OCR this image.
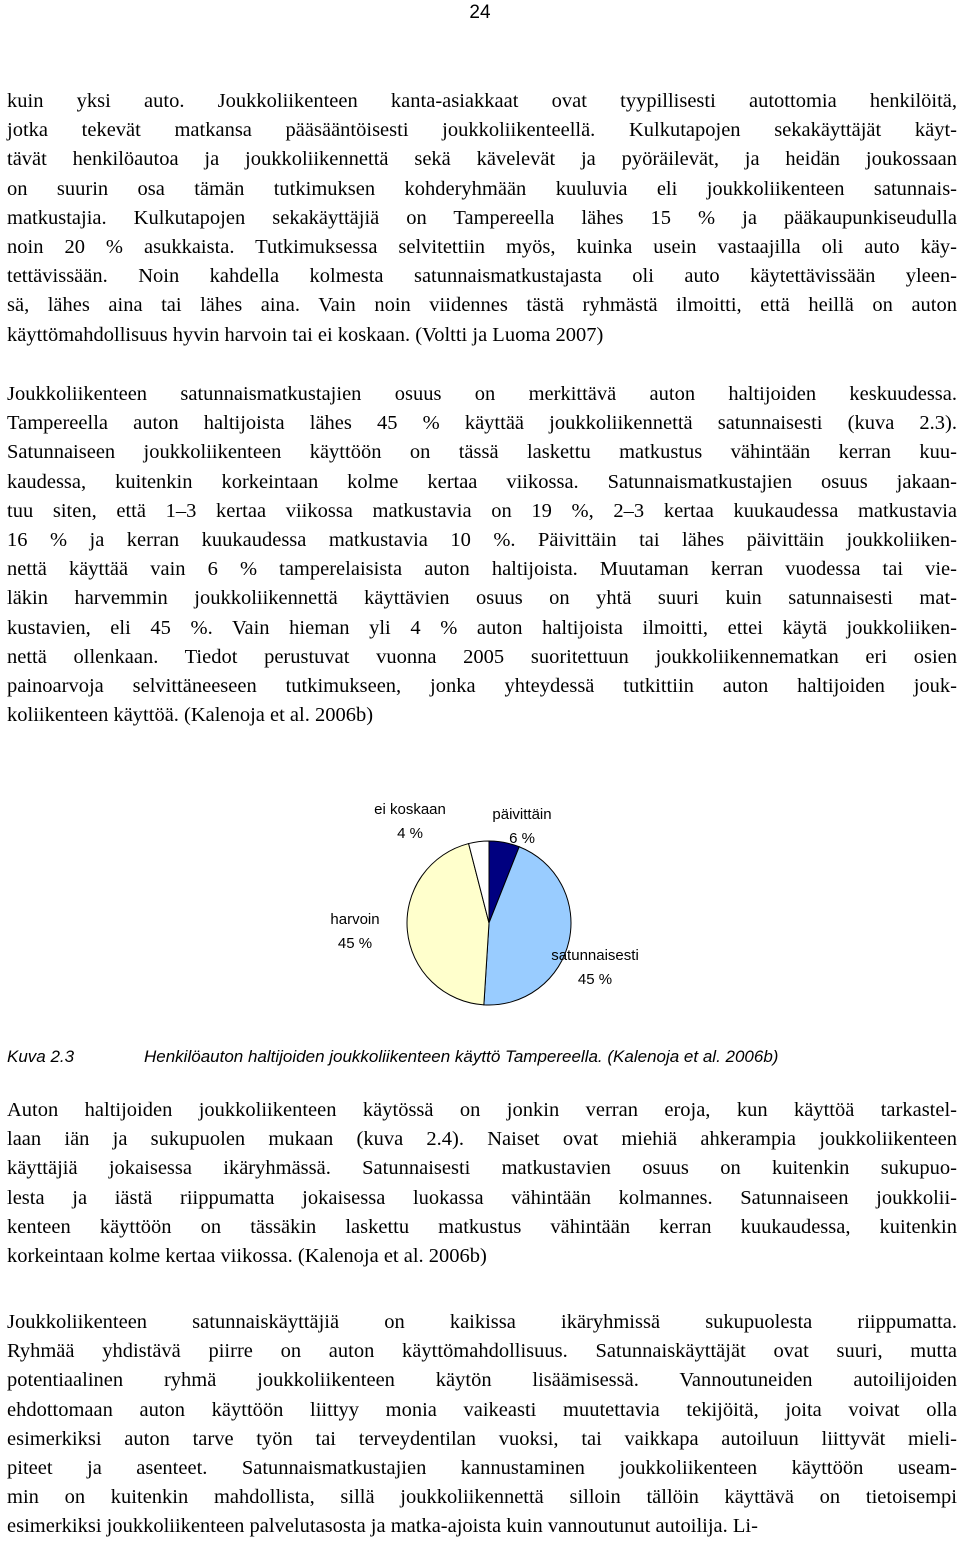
24
kuin yksi auto. Joukkoliikenteen kanta-asiakkaat ovat tyypillisesti autottomia henkilöitä,
jotka tekevät matkansa pääsääntöisesti joukkoliikenteellä. Kulkutapojen sekakäyttäjät käyt-
tävät henkilöautoa ja joukkoliikennettä sekä kävelevät ja pyöräilevät, ja heidän joukossaan
on suurin osa tämän tutkimuksen kohderyhmään kuuluvia eli joukkoliikenteen satunnais-
matkustajia. Kulkutapojen sekakäyttäjiä on Tampereella lähes 15 % ja pääkaupunkiseudulla
noin 20 % asukkaista. Tutkimuksessa selvitettiin myös, kuinka usein vastaajilla oli auto käy-
tettävissään. Noin kahdella kolmesta satunnaismatkustajasta oli auto käytettävissään yleen-
sä, lähes aina tai lähes aina. Vain noin viidennes tästä ryhmästä ilmoitti, että heillä on auton
käyttömahdollisuus hyvin harvoin tai ei koskaan. (Voltti ja Luoma 2007)
Joukkoliikenteen satunnaismatkustajien osuus on merkittävä auton haltijoiden keskuudessa.
Tampereella auton haltijoista lähes 45 % käyttää joukkoliikennettä satunnaisesti (kuva 2.3).
Satunnaiseen joukkoliikenteen käyttöön on tässä laskettu matkustus vähintään kerran kuu-
kaudessa, kuitenkin korkeintaan kolme kertaa viikossa. Satunnaismatkustajien osuus jakaan-
tuu siten, että 1–3 kertaa viikossa matkustavia on 19 %, 2–3 kertaa kuukaudessa matkustavia
16 % ja kerran kuukaudessa matkustavia 10 %. Päivittäin tai lähes päivittäin joukkoliiken-
nettä käyttää vain 6 % tamperelaisista auton haltijoista. Muutaman kerran vuodessa tai vie-
läkin harvemmin joukkoliikennettä käyttävien osuus on yhtä suuri kuin satunnaisesti mat-
kustavien, eli 45 %. Vain hieman yli 4 % auton haltijoista ilmoitti, ettei käytä joukkoliiken-
nettä ollenkaan. Tiedot perustuvat vuonna 2005 suoritettuun joukkoliikennematkan eri osien
painoarvoja selvittäneeseen tutkimukseen, jonka yhteydessä tutkittiin auton haltijoiden jouk-
koliikenteen käyttöä. (Kalenoja et al. 2006b)
ei koskaan
4 %
päivittäin
6 %
harvoin
45 %
satunnaisesti
45 %
Kuva 2.3	Henkilöauton haltijoiden joukkoliikenteen käyttö Tampereella. (Kalenoja et al. 2006b)
Auton haltijoiden joukkoliikenteen käytössä on jonkin verran eroja, kun käyttöä tarkastel-
laan iän ja sukupuolen mukaan (kuva 2.4). Naiset ovat miehiä ahkerampia joukkoliikenteen
käyttäjiä jokaisessa ikäryhmässä. Satunnaisesti matkustavien osuus on kuitenkin sukupuo-
lesta ja iästä riippumatta jokaisessa luokassa vähintään kolmannes. Satunnaiseen joukkolii-
kenteen käyttöön on tässäkin laskettu matkustus vähintään kerran kuukaudessa, kuitenkin
korkeintaan kolme kertaa viikossa. (Kalenoja et al. 2006b)
Joukkoliikenteen satunnaiskäyttäjiä on kaikissa ikäryhmissä sukupuolesta riippumatta.
Ryhmää yhdistävä piirre on auton käyttömahdollisuus. Satunnaiskäyttäjät ovat suuri, mutta
potentiaalinen ryhmä joukkoliikenteen käytön lisäämisessä. Vannoutuneiden autoilijoiden
ehdottomaan auton käyttöön liittyy monia vaikeasti muutettavia tekijöitä, joita voivat olla
esimerkiksi auton tarve työn tai terveydentilan vuoksi, tai vaikkapa autoiluun liittyvät mieli-
piteet ja asenteet. Satunnaismatkustajien kannustaminen joukkoliikenteen käyttöön useam-
min on kuitenkin mahdollista, sillä joukkoliikennettä silloin tällöin käyttävä on tietoisempi
esimerkiksi joukkoliikenteen palvelutasosta ja matka-ajoista kuin vannoutunut autoilija. Li-
